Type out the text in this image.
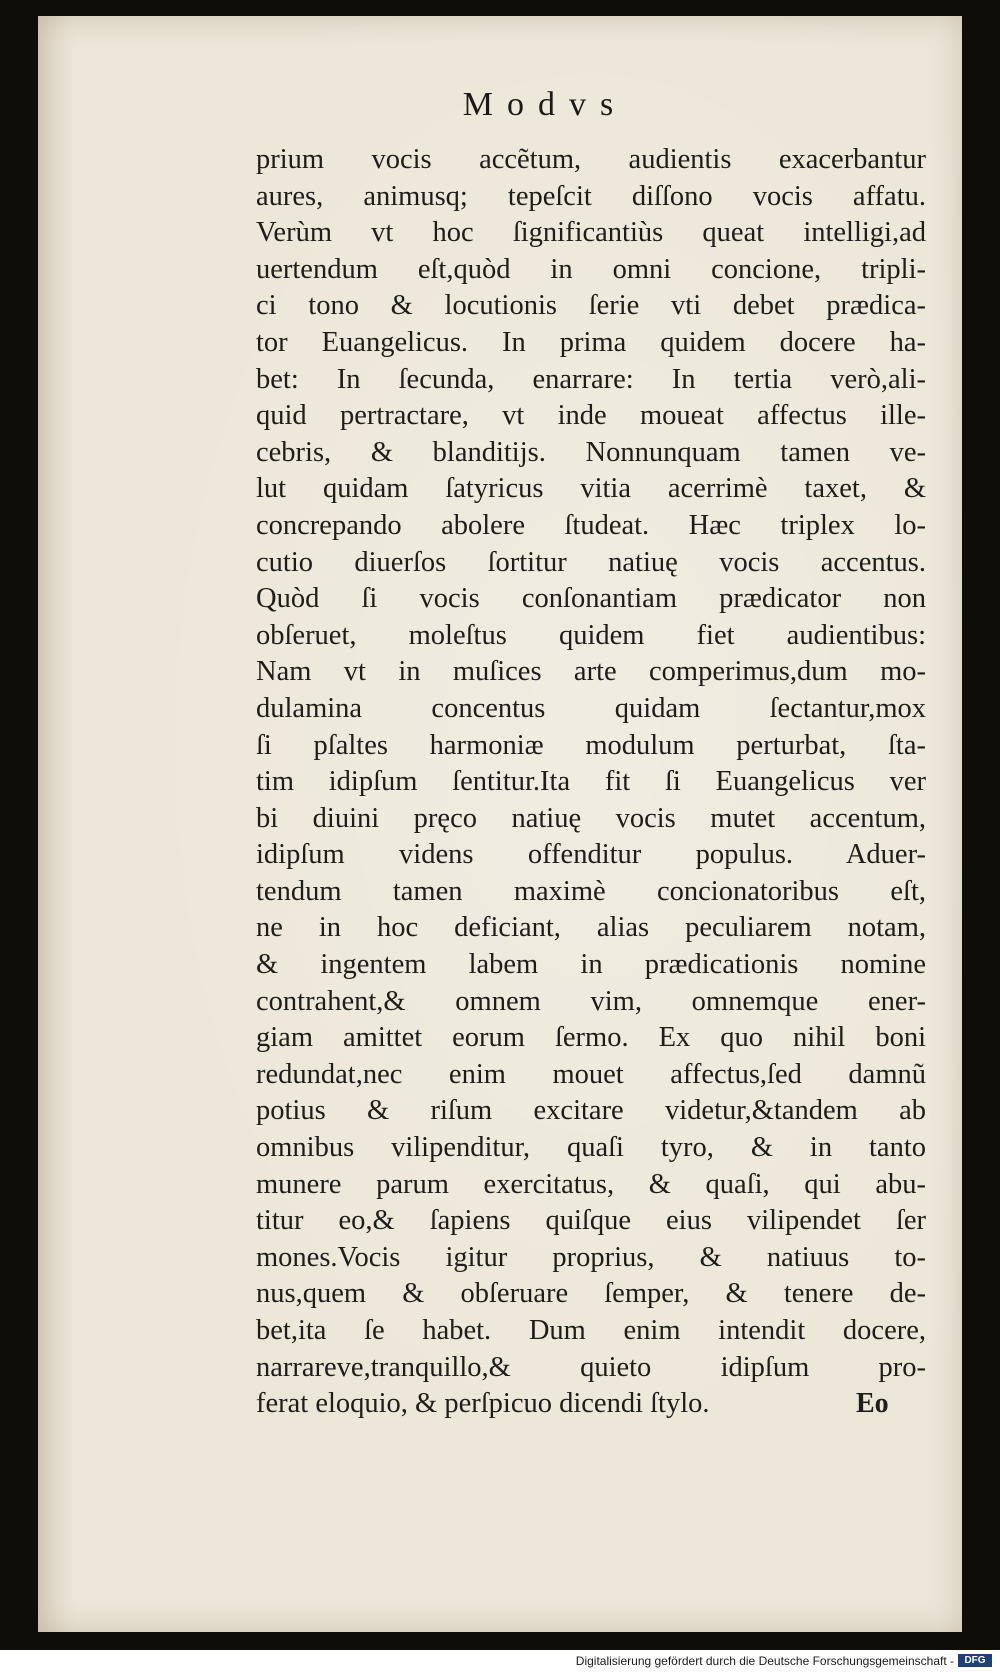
Modvs
prium vocis accẽtum, audientis exacerbantur
aures, animusq; tepeſcit diſſono vocis affatu.
Verùm vt hoc ſignificantiùs queat intelligi,ad
uertendum eſt,quòd in omni concione, tripli-
ci tono & locutionis ſerie vti debet prædica-
tor Euangelicus. In prima quidem docere ha-
bet: In ſecunda, enarrare: In tertia verò,ali-
quid pertractare, vt inde moueat affectus ille-
cebris, & blanditijs. Nonnunquam tamen ve-
lut quidam ſatyricus vitia acerrimè taxet, &
concrepando abolere ſtudeat. Hæc triplex lo-
cutio diuerſos ſortitur natiuę vocis accentus.
Quòd ſi vocis conſonantiam prædicator non
obſeruet, moleſtus quidem fiet audientibus:
Nam vt in muſices arte comperimus,dum mo-
dulamina concentus quidam ſectantur,mox
ſi pſaltes harmoniæ modulum perturbat, ſta-
tim idipſum ſentitur.Ita fit ſi Euangelicus ver
bi diuini pręco natiuę vocis mutet accentum,
idipſum videns offenditur populus. Aduer-
tendum tamen maximè concionatoribus eſt,
ne in hoc deficiant, alias peculiarem notam,
& ingentem labem in prædicationis nomine
contrahent,& omnem vim, omnemque ener-
giam amittet eorum ſermo. Ex quo nihil boni
redundat,nec enim mouet affectus,ſed damnũ
potius & riſum excitare videtur,&tandem ab
omnibus vilipenditur, quaſi tyro, & in tanto
munere parum exercitatus, & quaſi, qui abu-
titur eo,& ſapiens quiſque eius vilipendet ſer
mones.Vocis igitur proprius, & natiuus to-
nus,quem & obſeruare ſemper, & tenere de-
bet,ita ſe habet. Dum enim intendit docere,
narrareve,tranquillo,& quieto idipſum pro-
ferat eloquio, & perſpicuo dicendi ſtylo.	Eo
Digitalisierung gefördert durch die Deutsche Forschungsgemeinschaft -	DFG
